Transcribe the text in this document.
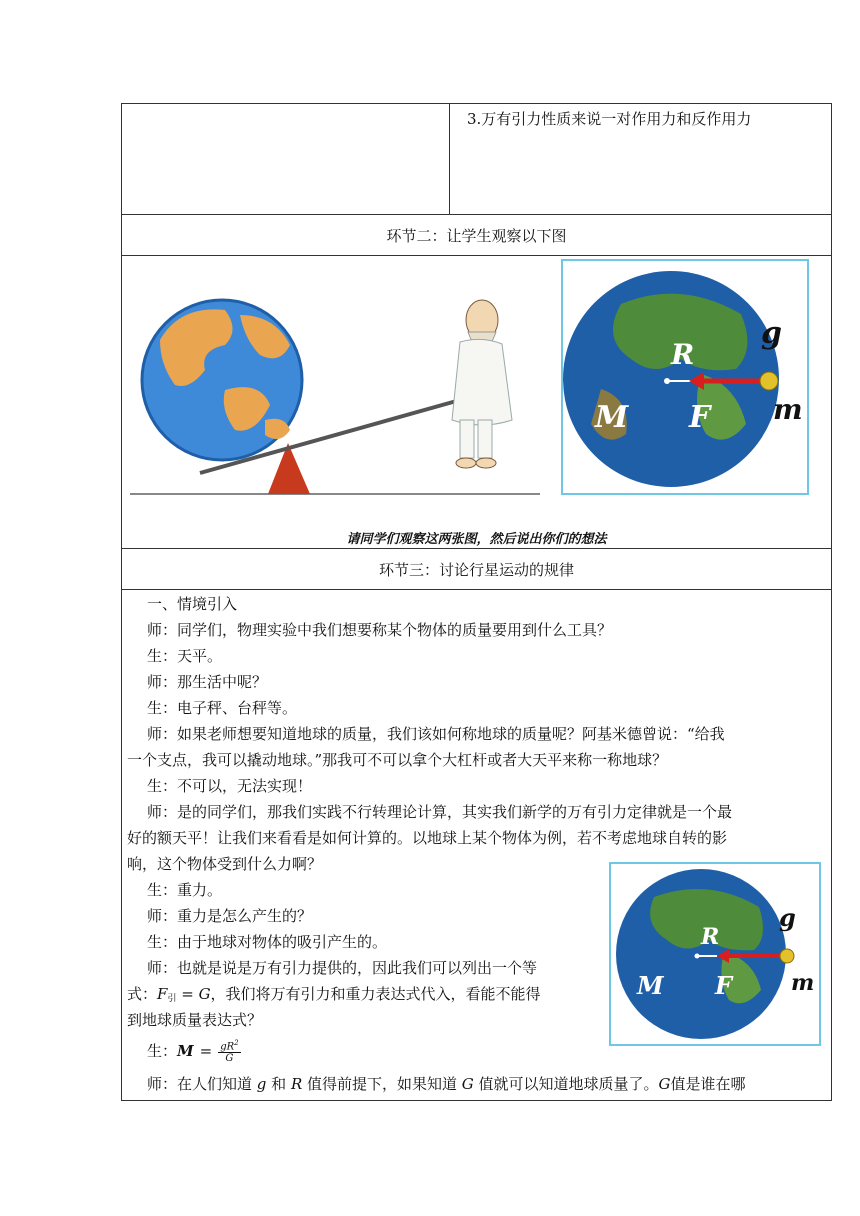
3.万有引力性质来说一对作用力和反作用力
环节二：让学生观察以下图
R
g
M F m
请同学们观察这两张图，然后说出你们的想法
环节三：讨论行星运动的规律
一、情境引入
师：同学们，物理实验中我们想要称某个物体的质量要用到什么工具？
生：天平。
师：那生活中呢？
生：电子秤、台秤等。
师：如果老师想要知道地球的质量，我们该如何称地球的质量呢？阿基米德曾说：“给我
一个支点，我可以撬动地球。”那我可不可以拿个大杠杆或者大天平来称一称地球？
生：不可以，无法实现！
师：是的同学们，那我们实践不行转理论计算，其实我们新学的万有引力定律就是一个最
好的额天平！让我们来看看是如何计算的。以地球上某个物体为例，若不考虑地球自转的影
响，这个物体受到什么力啊？
生：重力。
师：重力是怎么产生的？
生：由于地球对物体的吸引产生的。
师：也就是说是万有引力提供的，因此我们可以列出一个等
式：$F_引 = G$，我们将万有引力和重力表达式代入，看能不能得
到地球质量表达式？
生： $M = \frac{gR^2}{G}$
师：在人们知道 g 和 R 值得前提下，如果知道 G 值就可以知道地球质量了。G值是谁在哪
R
g
M F	m
